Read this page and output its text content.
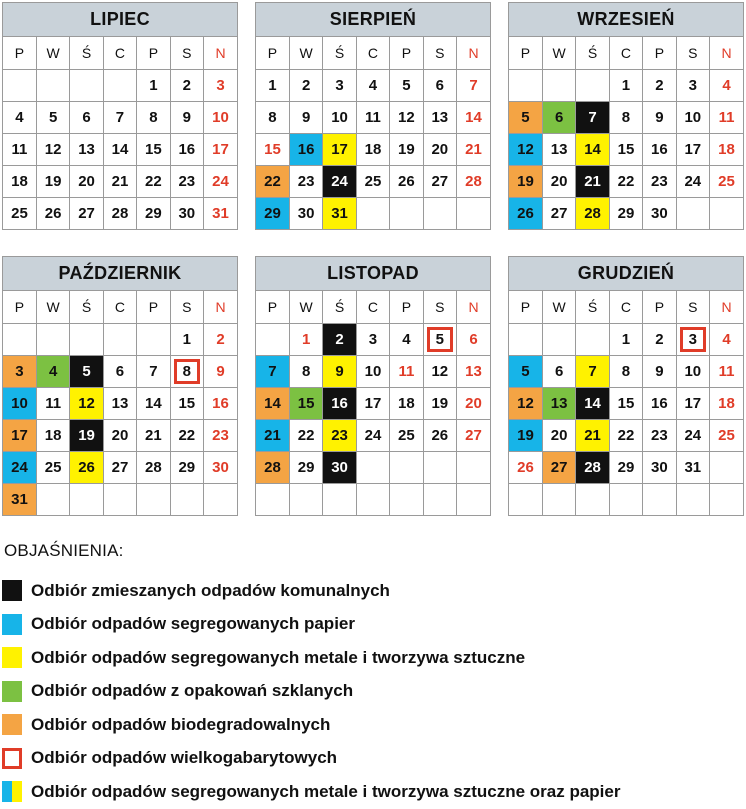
LIPIEC
P	W	Ś	C	P	S	N
				1	2	3
4	5	6	7	8	9	10
11	12	13	14	15	16	17
18	19	20	21	22	23	24
25	26	27	28	29	30	31
SIERPIEŃ
P	W	Ś	C	P	S	N
1	2	3	4	5	6	7
8	9	10	11	12	13	14
15	16	17	18	19	20	21
22	23	24	25	26	27	28
29	30	31				
WRZESIEŃ
P	W	Ś	C	P	S	N
			1	2	3	4
5	6	7	8	9	10	11
12	13	14	15	16	17	18
19	20	21	22	23	24	25
26	27	28	29	30		
PAŹDZIERNIK
P	W	Ś	C	P	S	N
					1	2
3	4	5	6	7	8	9
10	11	12	13	14	15	16
17	18	19	20	21	22	23
24	25	26	27	28	29	30
31						
LISTOPAD
P	W	Ś	C	P	S	N
	1	2	3	4	5	6
7	8	9	10	11	12	13
14	15	16	17	18	19	20
21	22	23	24	25	26	27
28	29	30				

GRUDZIEŃ
P	W	Ś	C	P	S	N
			1	2	3	4
5	6	7	8	9	10	11
12	13	14	15	16	17	18
19	20	21	22	23	24	25
26	27	28	29	30	31	

OBJAŚNIENIA:
Odbiór zmieszanych odpadów komunalnych
Odbiór odpadów segregowanych papier
Odbiór odpadów segregowanych metale i tworzywa sztuczne
Odbiór odpadów z opakowań szklanych
Odbiór odpadów biodegradowalnych
Odbiór odpadów wielkogabarytowych
Odbiór odpadów segregowanych metale i tworzywa sztuczne oraz papier
